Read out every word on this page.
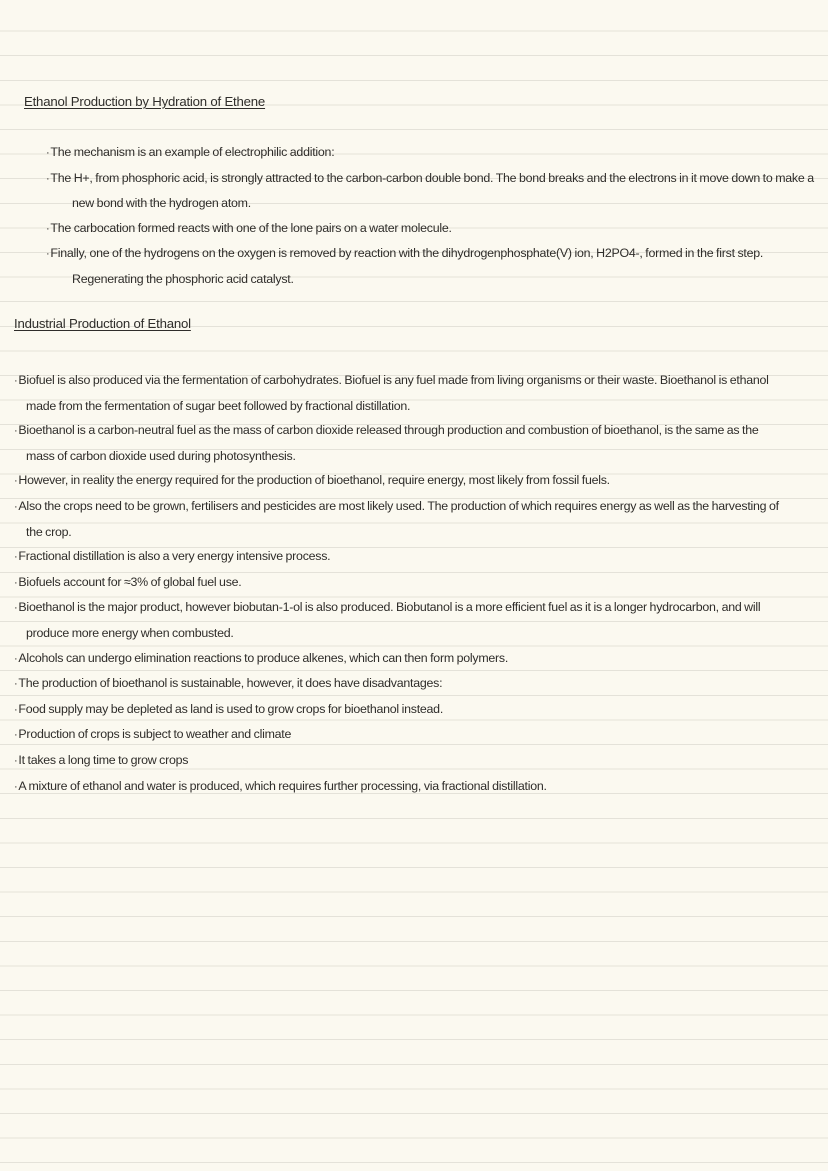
Ethanol Production by Hydration of Ethene
·The mechanism is an example of electrophilic addition:
·The H+, from phosphoric acid, is strongly attracted to the carbon-carbon double bond. The bond breaks and the electrons in it move down to make a new bond with the hydrogen atom.
·The carbocation formed reacts with one of the lone pairs on a water molecule.
·Finally, one of the hydrogens on the oxygen is removed by reaction with the dihydrogenphosphate(V) ion, H2PO4-, formed in the first step. Regenerating the phosphoric acid catalyst.
Industrial Production of Ethanol
·Biofuel is also produced via the fermentation of carbohydrates. Biofuel is any fuel made from living organisms or their waste. Bioethanol is ethanol made from the fermentation of sugar beet followed by fractional distillation.
·Bioethanol is a carbon-neutral fuel as the mass of carbon dioxide released through production and combustion of bioethanol, is the same as the mass of carbon dioxide used during photosynthesis.
·However, in reality the energy required for the production of bioethanol, require energy, most likely from fossil fuels.
·Also the crops need to be grown, fertilisers and pesticides are most likely used. The production of which requires energy as well as the harvesting of the crop.
·Fractional distillation is also a very energy intensive process.
·Biofuels account for ≈3% of global fuel use.
·Bioethanol is the major product, however biobutan-1-ol is also produced. Biobutanol is a more efficient fuel as it is a longer hydrocarbon, and will produce more energy when combusted.
·Alcohols can undergo elimination reactions to produce alkenes, which can then form polymers.
·The production of bioethanol is sustainable, however, it does have disadvantages:
·Food supply may be depleted as land is used to grow crops for bioethanol instead.
·Production of crops is subject to weather and climate
·It takes a long time to grow crops
·A mixture of ethanol and water is produced, which requires further processing, via fractional distillation.
